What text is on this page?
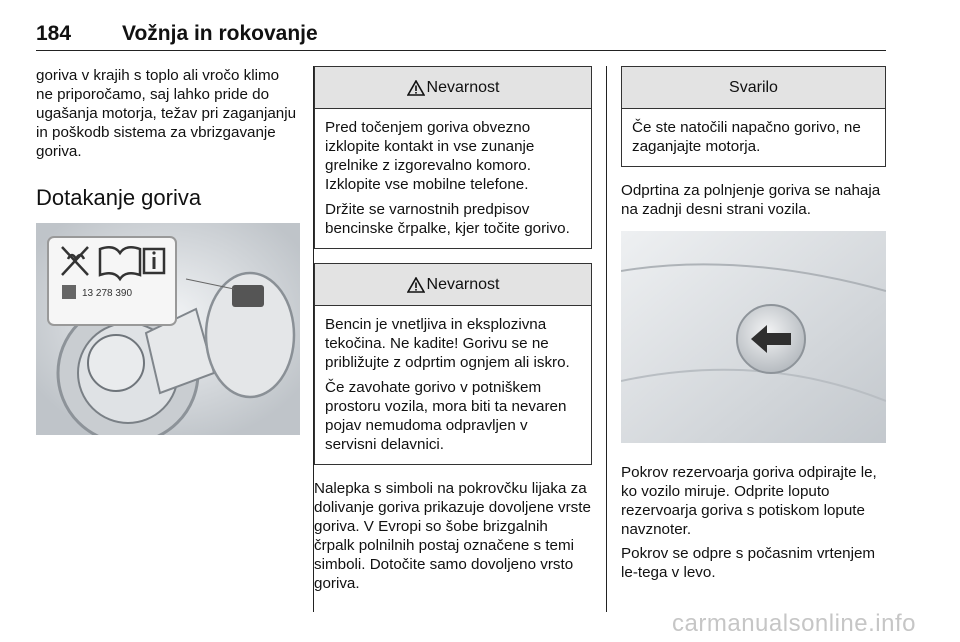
184 Vožnja in rokovanje

goriva v krajih s toplo ali vročo klimo ne priporočamo, saj lahko pride do ugašanja motorja, težav pri zaganjanju in poškodb sistema za vbrizgavanje goriva.

Dotakanje goriva
13 278 390
Nevarnost

Pred točenjem goriva obvezno izklopite kontakt in vse zunanje grelnike z izgorevalno komoro. Izklopite vse mobilne telefone.

Držite se varnostnih predpisov bencinske črpalke, kjer točite gorivo.

Nevarnost

Bencin je vnetljiva in eksplozivna tekočina. Ne kadite! Gorivu se ne približujte z odprtim ognjem ali iskro.

Če zavohate gorivo v potniškem prostoru vozila, mora biti ta nevaren pojav nemudoma odpravljen v servisni delavnici.

Nalepka s simboli na pokrovčku lijaka za dolivanje goriva prikazuje dovoljene vrste goriva. V Evropi so šobe brizgalnih črpalk polnilnih postaj označene s temi simboli. Dotočite samo dovoljeno vrsto goriva.

Svarilo

Če ste natočili napačno gorivo, ne zaganjajte motorja.

Odprtina za polnjenje goriva se nahaja na zadnji desni strani vozila.

Pokrov rezervoarja goriva odpirajte le, ko vozilo miruje. Odprite loputo rezervoarja goriva s potiskom lopute navznoter.

Pokrov se odpre s počasnim vrtenjem le-tega v levo.

carmanualsonline.info
